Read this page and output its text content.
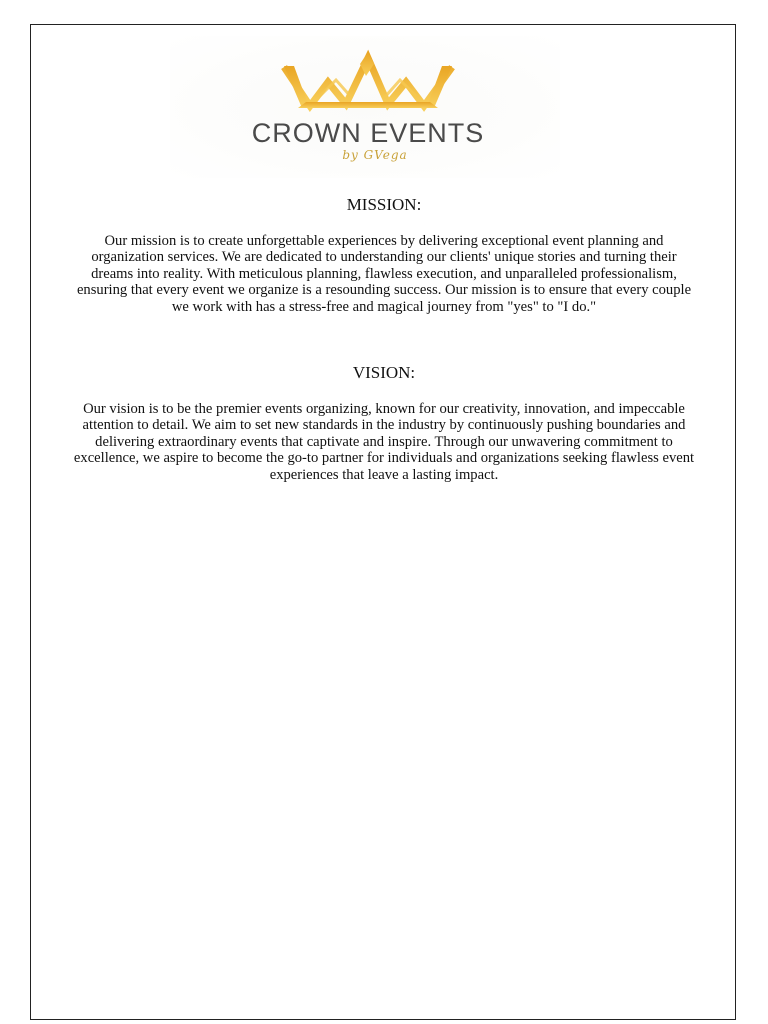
CROWN EVENTS
by GVega
MISSION:

Our mission is to create unforgettable experiences by delivering exceptional event planning and organization services. We are dedicated to understanding our clients' unique stories and turning their dreams into reality. With meticulous planning, flawless execution, and unparalleled professionalism, ensuring that every event we organize is a resounding success. Our mission is to ensure that every couple we work with has a stress-free and magical journey from "yes" to "I do."

VISION:

Our vision is to be the premier events organizing, known for our creativity, innovation, and impeccable attention to detail. We aim to set new standards in the industry by continuously pushing boundaries and delivering extraordinary events that captivate and inspire. Through our unwavering commitment to excellence, we aspire to become the go-to partner for individuals and organizations seeking flawless event experiences that leave a lasting impact.
